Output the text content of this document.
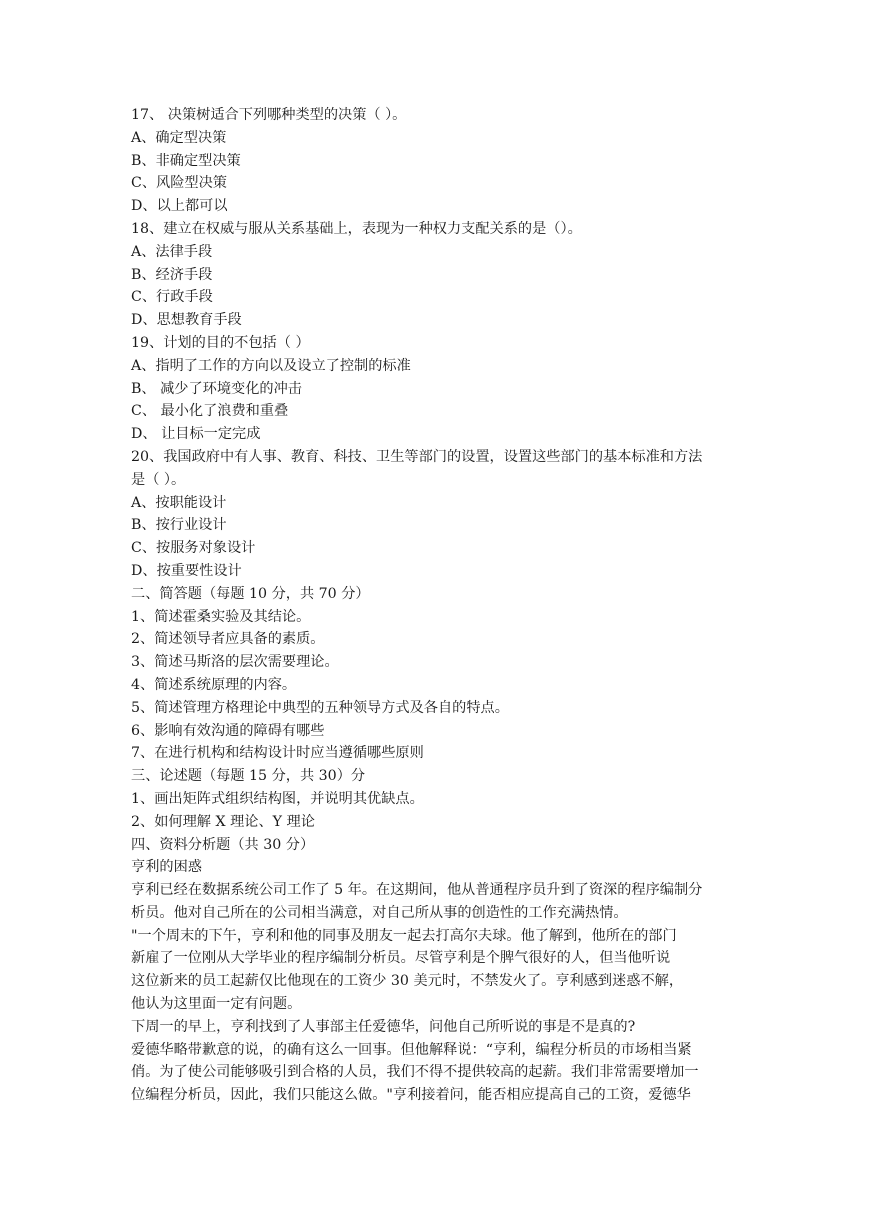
17、 决策树适合下列哪种类型的决策（ ）。
A、确定型决策
B、非确定型决策
C、风险型决策
D、以上都可以
18、建立在权威与服从关系基础上，表现为一种权力支配关系的是（）。
A、法律手段
B、经济手段
C、行政手段
D、思想教育手段
19、计划的目的不包括（ ）
A、指明了工作的方向以及设立了控制的标准
B、 减少了环境变化的冲击
C、 最小化了浪费和重叠
D、 让目标一定完成
20、我国政府中有人事、教育、科技、卫生等部门的设置，设置这些部门的基本标准和方法
是（ ）。
A、按职能设计
B、按行业设计
C、按服务对象设计
D、按重要性设计
二、简答题（每题 10 分，共 70 分）
1、简述霍桑实验及其结论。
2、简述领导者应具备的素质。
3、简述马斯洛的层次需要理论。
4、简述系统原理的内容。
5、简述管理方格理论中典型的五种领导方式及各自的特点。
6、影响有效沟通的障碍有哪些
7、在进行机构和结构设计时应当遵循哪些原则
三、论述题（每题 15 分，共 30）分
1、画出矩阵式组织结构图，并说明其优缺点。
2、如何理解 X 理论、Y 理论
四、资料分析题（共 30 分）
亨利的困惑
亨利已经在数据系统公司工作了 5 年。在这期间，他从普通程序员升到了资深的程序编制分
析员。他对自己所在的公司相当满意，对自己所从事的创造性的工作充满热情。
"一个周末的下午，亨利和他的同事及朋友一起去打高尔夫球。他了解到，他所在的部门
新雇了一位刚从大学毕业的程序编制分析员。尽管亨利是个脾气很好的人，但当他听说
这位新来的员工起薪仅比他现在的工资少 30 美元时，不禁发火了。亨利感到迷惑不解，
他认为这里面一定有问题。
下周一的早上，亨利找到了人事部主任爱德华，问他自己所听说的事是不是真的?
爱德华略带歉意的说，的确有这么一回事。但他解释说：“亨利，编程分析员的市场相当紧
俏。为了使公司能够吸引到合格的人员，我们不得不提供较高的起薪。我们非常需要增加一
位编程分析员，因此，我们只能这么做。"亨利接着问，能否相应提高自己的工资，爱德华
